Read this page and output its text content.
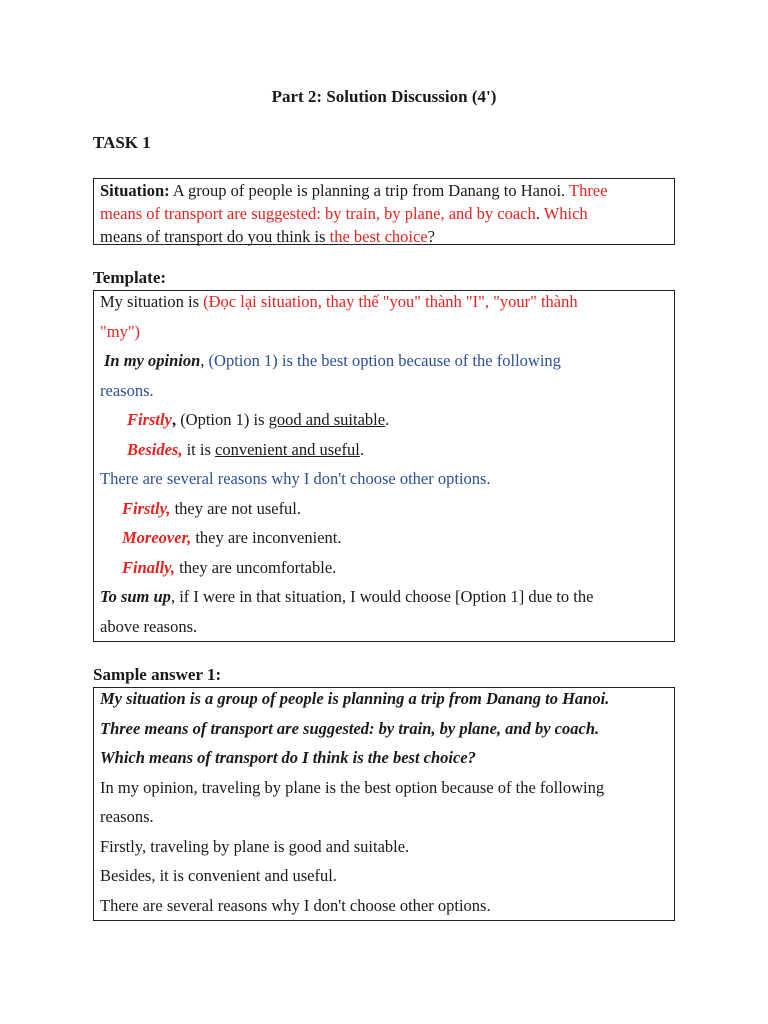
Part 2: Solution Discussion (4')
TASK 1
Situation: A group of people is planning a trip from Danang to Hanoi. Three
means of transport are suggested: by train, by plane, and by coach. Which
means of transport do you think is the best choice?
Template:
My situation is (Đọc lại situation, thay thế "you" thành "I", "your" thành
"my")
In my opinion, (Option 1) is the best option because of the following
reasons.
Firstly, (Option 1) is good and suitable.
Besides, it is convenient and useful.
There are several reasons why I don't choose other options.
Firstly, they are not useful.
Moreover, they are inconvenient.
Finally, they are uncomfortable.
To sum up, if I were in that situation, I would choose [Option 1] due to the
above reasons.
Sample answer 1:
My situation is a group of people is planning a trip from Danang to Hanoi.
Three means of transport are suggested: by train, by plane, and by coach.
Which means of transport do I think is the best choice?
In my opinion, traveling by plane is the best option because of the following
reasons.
Firstly, traveling by plane is good and suitable.
Besides, it is convenient and useful.
There are several reasons why I don't choose other options.
